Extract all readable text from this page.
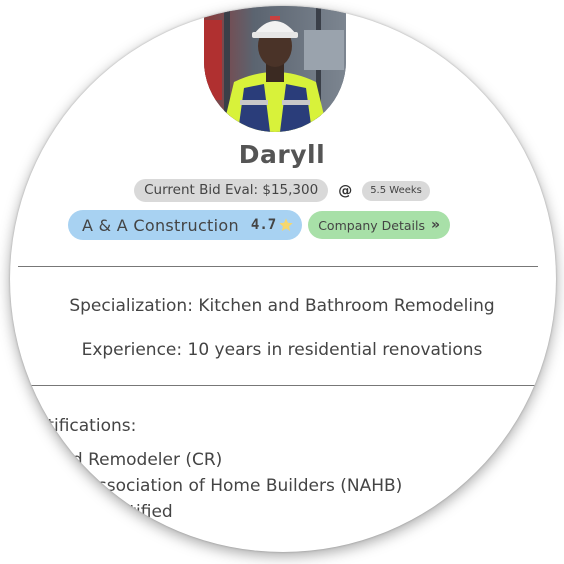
Daryll
Current Bid Eval: $15,300	@	5.5 Weeks
A & A Construction 4.7	Company Details »
Specialization: Kitchen and Bathroom Remodeling
Experience: 10 years in residential renovations
Certifications:
Certified Remodeler (CR)
National Association of Home Builders (NAHB)
Lead-Safe Certified
